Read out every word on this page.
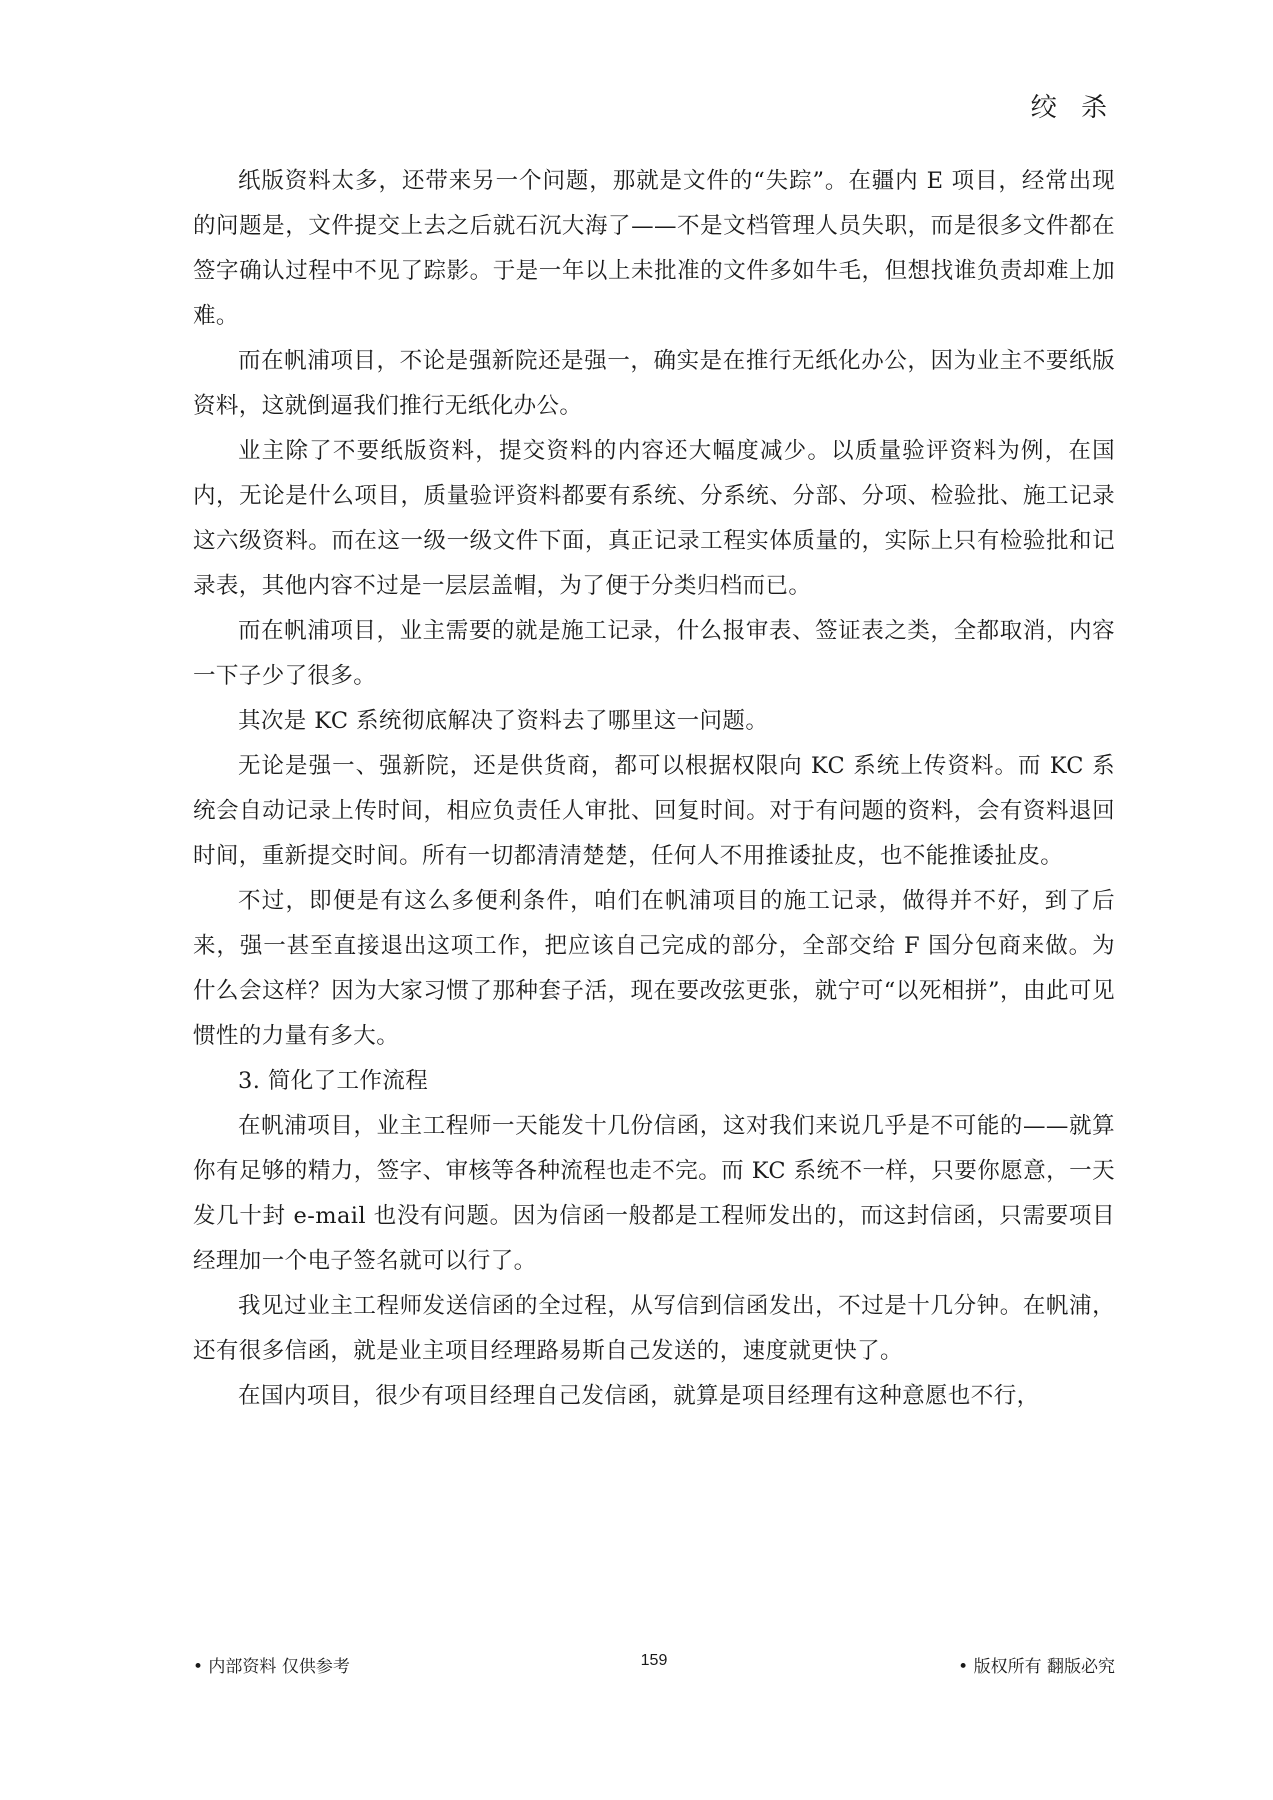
绞 杀

纸版资料太多，还带来另一个问题，那就是文件的“失踪”。在疆内 E 项目，经常出现的问题是，文件提交上去之后就石沉大海了——不是文档管理人员失职，而是很多文件都在签字确认过程中不见了踪影。于是一年以上未批准的文件多如牛毛，但想找谁负责却难上加难。

而在帆浦项目，不论是强新院还是强一，确实是在推行无纸化办公，因为业主不要纸版资料，这就倒逼我们推行无纸化办公。

业主除了不要纸版资料，提交资料的内容还大幅度减少。以质量验评资料为例，在国内，无论是什么项目，质量验评资料都要有系统、分系统、分部、分项、检验批、施工记录这六级资料。而在这一级一级文件下面，真正记录工程实体质量的，实际上只有检验批和记录表，其他内容不过是一层层盖帽，为了便于分类归档而已。

而在帆浦项目，业主需要的就是施工记录，什么报审表、签证表之类，全都取消，内容一下子少了很多。

其次是 KC 系统彻底解决了资料去了哪里这一问题。

无论是强一、强新院，还是供货商，都可以根据权限向 KC 系统上传资料。而 KC 系统会自动记录上传时间，相应负责任人审批、回复时间。对于有问题的资料，会有资料退回时间，重新提交时间。所有一切都清清楚楚，任何人不用推诿扯皮，也不能推诿扯皮。

不过，即便是有这么多便利条件，咱们在帆浦项目的施工记录，做得并不好，到了后来，强一甚至直接退出这项工作，把应该自己完成的部分，全部交给 F 国分包商来做。为什么会这样？因为大家习惯了那种套子活，现在要改弦更张，就宁可“以死相拼”，由此可见惯性的力量有多大。

3. 简化了工作流程

在帆浦项目，业主工程师一天能发十几份信函，这对我们来说几乎是不可能的——就算你有足够的精力，签字、审核等各种流程也走不完。而 KC 系统不一样，只要你愿意，一天发几十封 e-mail 也没有问题。因为信函一般都是工程师发出的，而这封信函，只需要项目经理加一个电子签名就可以行了。

我见过业主工程师发送信函的全过程，从写信到信函发出，不过是十几分钟。在帆浦，还有很多信函，就是业主项目经理路易斯自己发送的，速度就更快了。

在国内项目，很少有项目经理自己发信函，就算是项目经理有这种意愿也不行，

• 内部资料 仅供参考	159	• 版权所有 翻版必究
